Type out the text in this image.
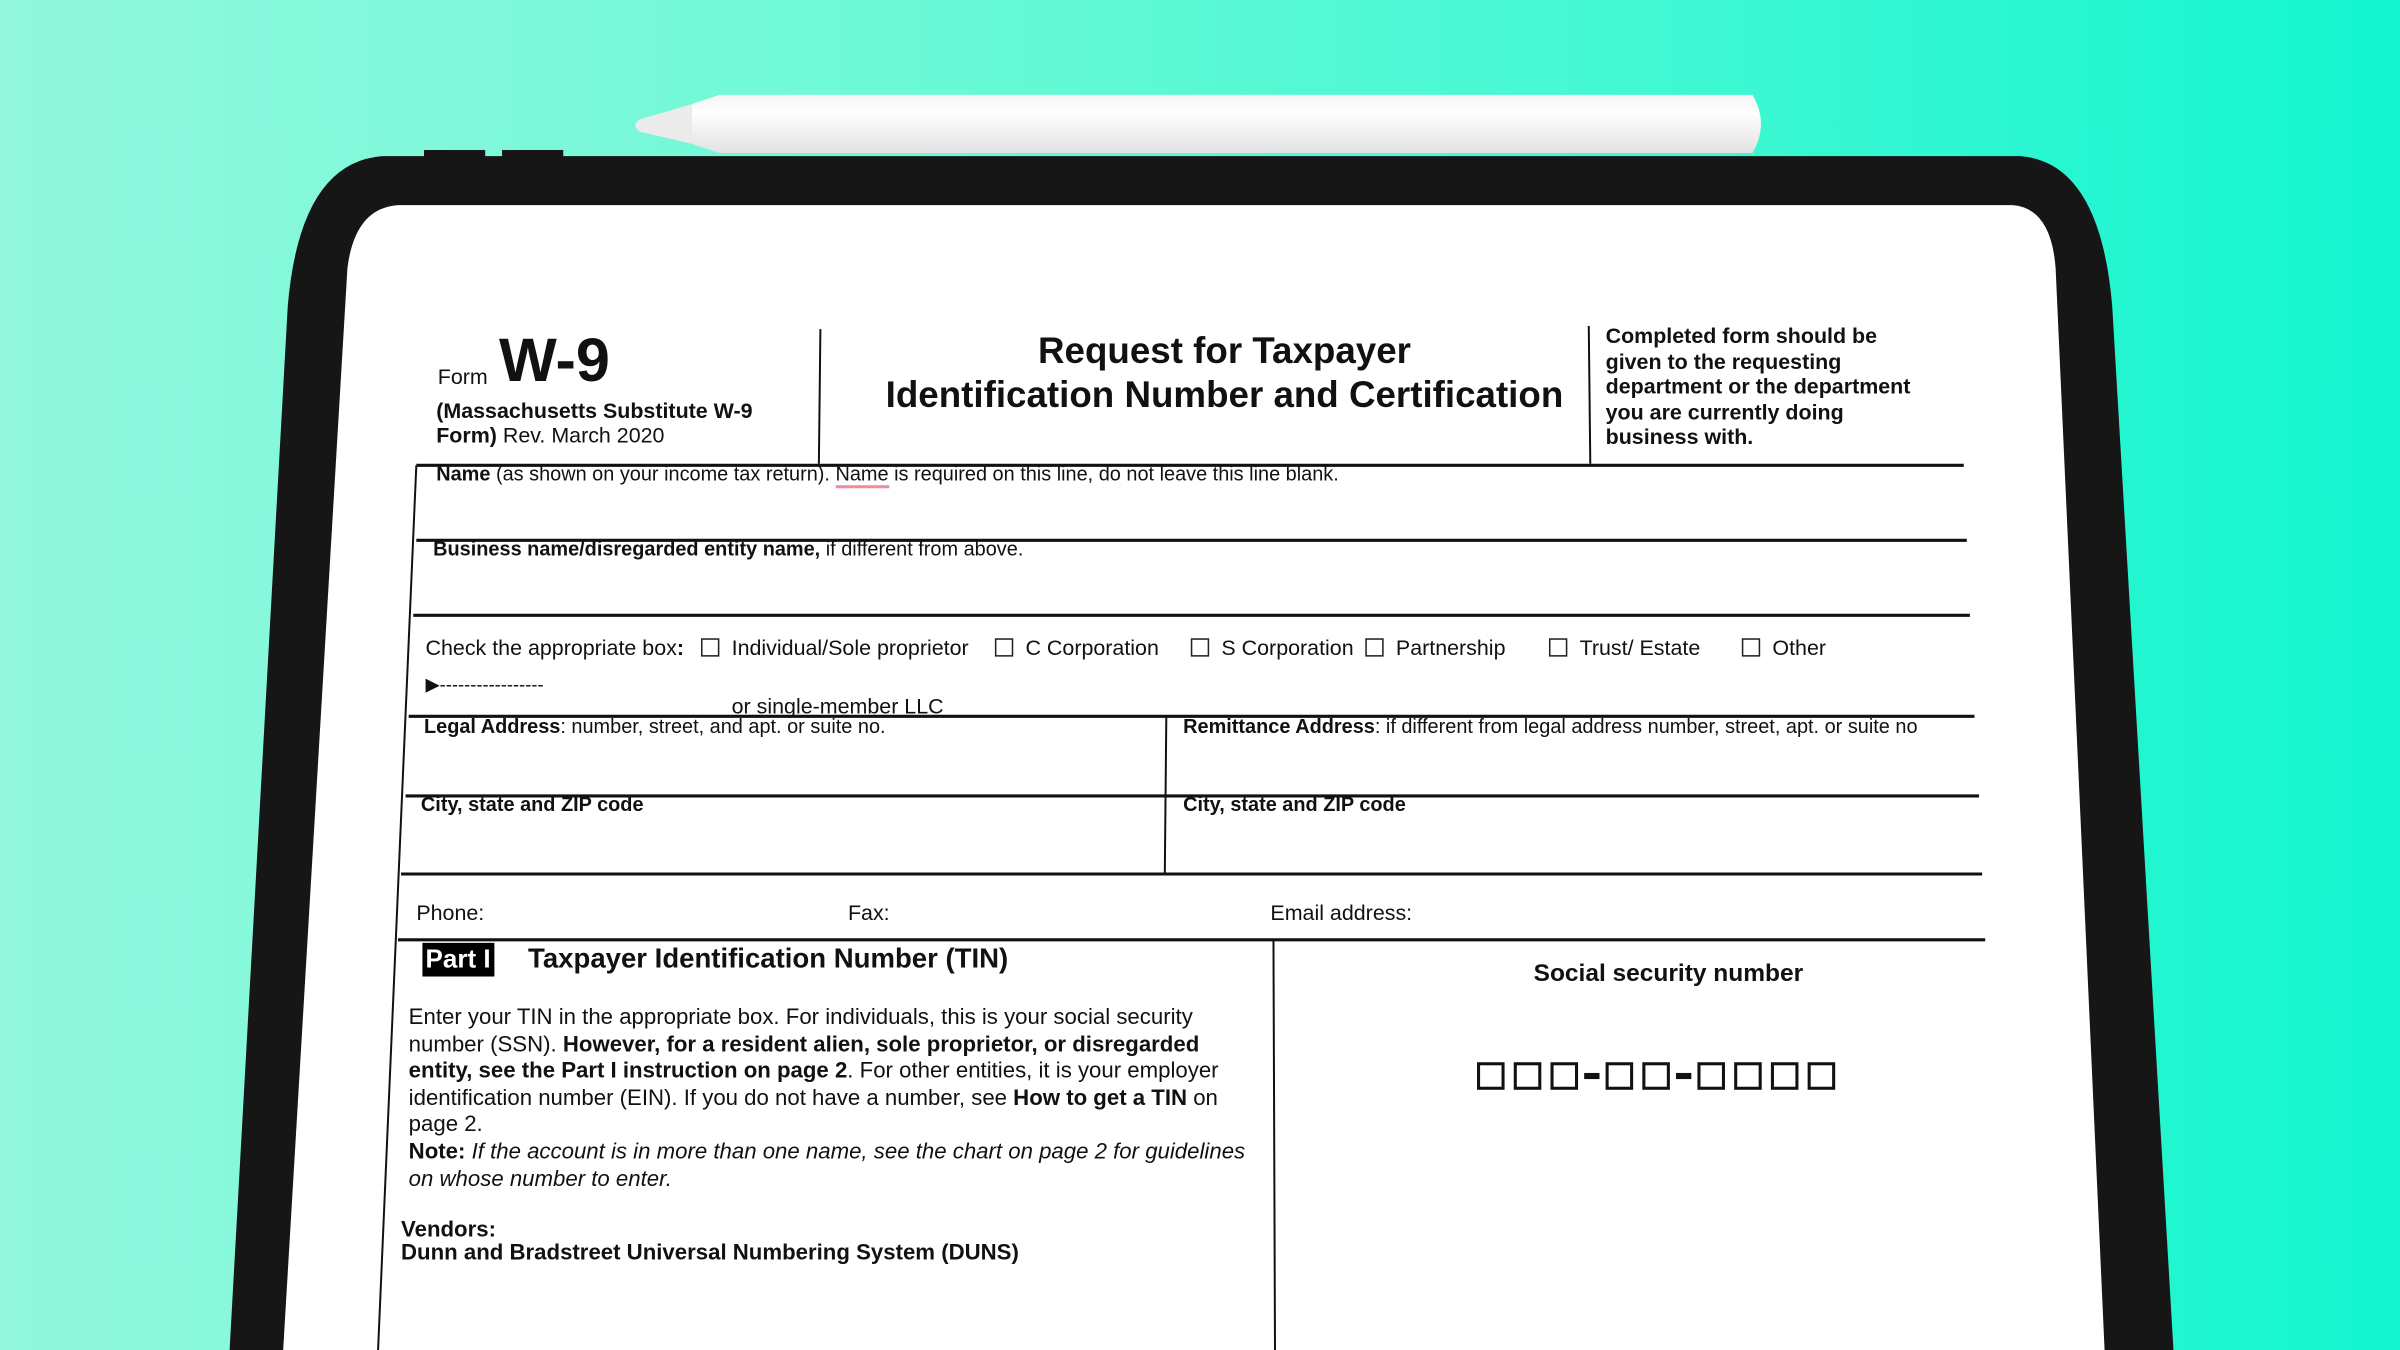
Form W-9
(Massachusetts Substitute W-9
Form) Rev. March 2020
Request for Taxpayer
Identification Number and Certification
Completed form should be
given to the requesting
department or the department
you are currently doing
business with.
Name (as shown on your income tax return). Name is required on this line, do not leave this line blank.
Business name/disregarded entity name, if different from above.
Check the appropriate box:	Individual/Sole proprietor	C Corporation	S Corporation	Partnership	Trust/ Estate	Other
▶-----------------
or single-member LLC
Legal Address: number, street, and apt. or suite no.	Remittance Address: if different from legal address number, street, apt. or suite no
City, state and ZIP code	City, state and ZIP code
Phone:	Fax:	Email address:
Part I Taxpayer Identification Number (TIN)
Enter your TIN in the appropriate box. For individuals, this is your social security number (SSN). However, for a resident alien, sole proprietor, or disregarded entity, see the Part I instruction on page 2. For other entities, it is your employer identification number (EIN). If you do not have a number, see How to get a TIN on page 2.
Note: If the account is in more than one name, see the chart on page 2 for guidelines on whose number to enter.
Vendors:
Dunn and Bradstreet Universal Numbering System (DUNS)
Social security number
